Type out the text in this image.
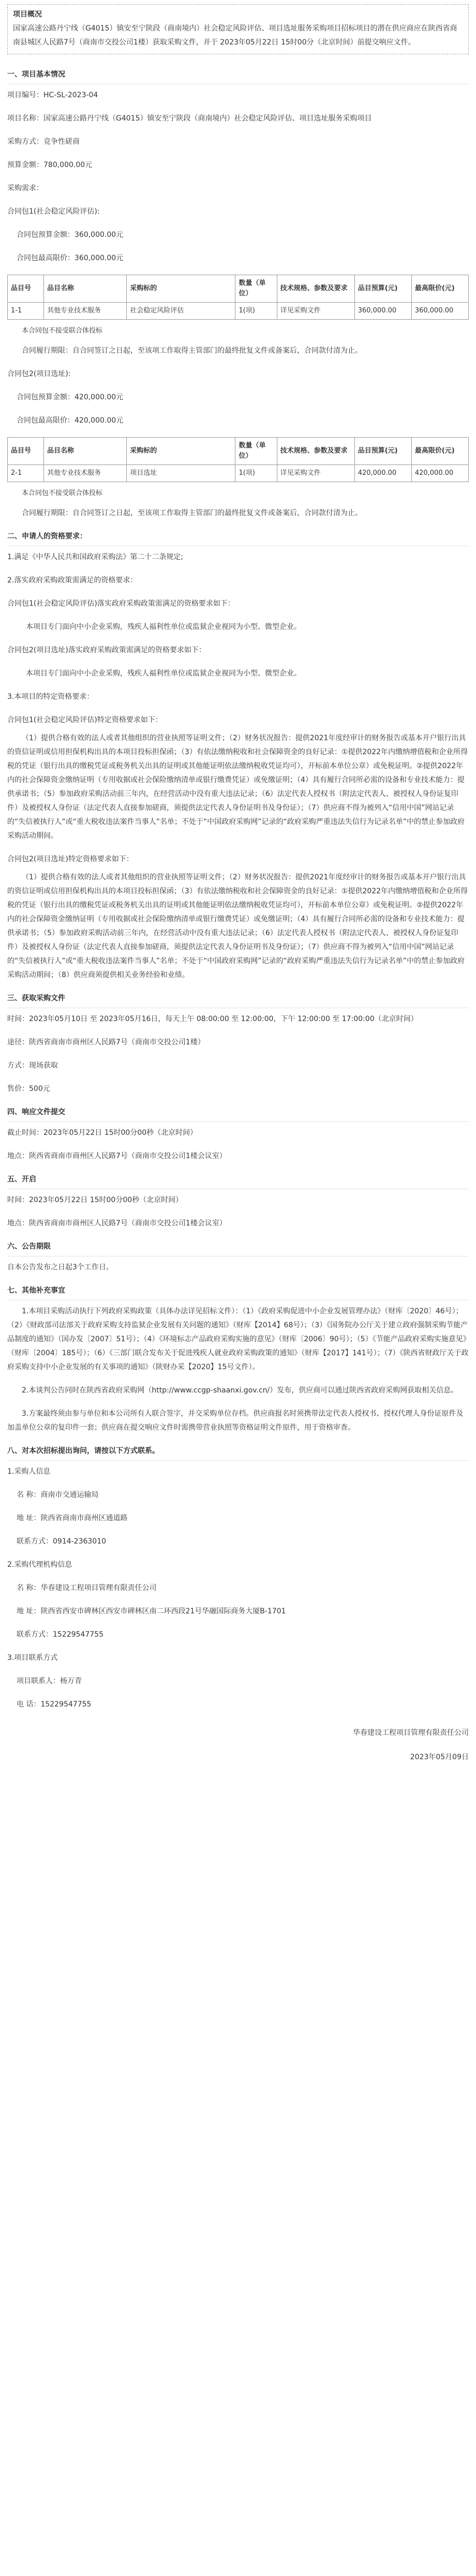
项目概况
国家高速公路丹宁线（G4015）镇安至宁陕段（商南境内）社会稳定风险评估、项目选址服务采购项目招标项目的潜在供应商应在陕西省商南县城区人民路7号（商南市交投公司1楼）获取采购文件，并于 2023年05月22日 15时00分（北京时间）前提交响应文件。
一、项目基本情况
项目编号：HC-SL-2023-04
项目名称：国家高速公路丹宁线（G4015）镇安至宁陕段（商南境内）社会稳定风险评估、项目选址服务采购项目
采购方式：竞争性磋商
预算金额：780,000.00元
采购需求：
合同包1(社会稳定风险评估):
合同包预算金额：360,000.00元
合同包最高限价：360,000.00元
品目号	品目名称	采购标的	数量（单位）	技术规格、参数及要求	品目预算(元)	最高限价(元)
1-1	其他专业技术服务	社会稳定风险评估	1(项)	详见采购文件	360,000.00	360,000.00
本合同包不接受联合体投标
合同履行期限：自合同签订之日起，至该项工作取得主管部门的最终批复文件或备案后，合同款付清为止。
合同包2(项目选址):
合同包预算金额：420,000.00元
合同包最高限价：420,000.00元
品目号	品目名称	采购标的	数量（单位）	技术规格、参数及要求	品目预算(元)	最高限价(元)
2-1	其他专业技术服务	项目选址	1(项)	详见采购文件	420,000.00	420,000.00
本合同包不接受联合体投标
合同履行期限：自合同签订之日起，至该项工作取得主管部门的最终批复文件或备案后，合同款付清为止。
二、申请人的资格要求：
1.满足《中华人民共和国政府采购法》第二十二条规定;
2.落实政府采购政策需满足的资格要求：
合同包1(社会稳定风险评估)落实政府采购政策需满足的资格要求如下：
本项目专门面向中小企业采购，残疾人福利性单位或监狱企业视同为小型、微型企业。
合同包2(项目选址)落实政府采购政策需满足的资格要求如下：
本项目专门面向中小企业采购，残疾人福利性单位或监狱企业视同为小型、微型企业。
3.本项目的特定资格要求：
合同包1(社会稳定风险评估)特定资格要求如下：
（1）提供合格有效的法人或者其他组织的营业执照等证明文件；（2）财务状况报告：提供2021年度经审计的财务报告或基本开户银行出具的资信证明或信用担保机构出具的本项目投标担保函；（3）有依法缴纳税收和社会保障资金的良好记录：①提供2022年内缴纳增值税和企业所得税的凭证（银行出具的缴税凭证或税务机关出具的证明或其他能证明依法缴纳税收凭证均可），开标前本单位公章）或免税证明。②提供2022年内的社会保障资金缴纳证明（专用收据或社会保险缴纳清单或银行缴费凭证）或免缴证明；（4）具有履行合同所必需的设备和专业技术能力：提供承诺书；（5）参加政府采购活动前三年内，在经营活动中没有重大违法记录；（6）法定代表人授权书（附法定代表人、被授权人身份证复印件）及被授权人身份证（法定代表人直接参加磋商，须提供法定代表人身份证明书及身份证）；（7）供应商不得为被列入“信用中国”网站记录的“失信被执行人”或“重大税收违法案件当事人”名单；不处于“中国政府采购网”记录的“政府采购严重违法失信行为记录名单”中的禁止参加政府采购活动期间。
合同包2(项目选址)特定资格要求如下：
（1）提供合格有效的法人或者其他组织的营业执照等证明文件；（2）财务状况报告：提供2021年度经审计的财务报告或基本开户银行出具的资信证明或信用担保机构出具的本项目投标担保函；（3）有依法缴纳税收和社会保障资金的良好记录：①提供2022年内缴纳增值税和企业所得税的凭证（银行出具的缴税凭证或税务机关出具的证明或其他能证明依法缴纳税收凭证均可），开标前本单位公章）或免税证明。②提供2022年内的社会保障资金缴纳证明（专用收据或社会保险缴纳清单或银行缴费凭证）或免缴证明；（4）具有履行合同所必需的设备和专业技术能力：提供承诺书；（5）参加政府采购活动前三年内，在经营活动中没有重大违法记录；（6）法定代表人授权书（附法定代表人、被授权人身份证复印件）及被授权人身份证（法定代表人直接参加磋商，须提供法定代表人身份证明书及身份证）；（7）供应商不得为被列入“信用中国”网站记录的“失信被执行人”或“重大税收违法案件当事人”名单；不处于“中国政府采购网”记录的“政府采购严重违法失信行为记录名单”中的禁止参加政府采购活动期间；（8）供应商须提供相关业务经验和业绩。
三、获取采购文件
时间：2023年05月10日 至 2023年05月16日，每天上午 08:00:00 至 12:00:00，下午 12:00:00 至 17:00:00（北京时间）
途径：陕西省商南市商州区人民路7号（商南市交投公司1楼）
方式：现场获取
售价：500元
四、响应文件提交
截止时间：2023年05月22日 15时00分00秒（北京时间）
地点：陕西省商南市商州区人民路7号（商南市交投公司1楼会议室）
五、开启
时间：2023年05月22日 15时00分00秒（北京时间）
地点：陕西省商南市商州区人民路7号（商南市交投公司1楼会议室）
六、公告期限
自本公告发布之日起3个工作日。
七、其他补充事宜
1.本项目采购活动执行下列政府采购政策（具体办法详见招标文件）：（1）《政府采购促进中小企业发展管理办法》（财库〔2020〕46号）；（2）《财政部司法部关于政府采购支持监狱企业发展有关问题的通知》（财库【2014】68号）；（3）《国务院办公厅关于建立政府强制采购节能产品制度的通知》（国办发〔2007〕51号）；（4）《环境标志产品政府采购实施的意见》（财库〔2006〕90号）；（5）《节能产品政府采购实施意见》（财库〔2004〕185号）；（6）《三部门联合发布关于促进残疾人就业政府采购政策的通知》（财库【2017】141号）；（7）《陕西省财政厅关于政府采购支持中小企业发展的有关事项的通知》（陕财办采【2020】15号文件）。
2.本谈判公告同时在陕西省政府采购网（http://www.ccgp-shaanxi.gov.cn/）发布，供应商可以通过陕西省政府采购网获取相关信息。
3.方案最终须由参与单位和本公司所有人联合签字，并交采购单位存档。供应商报名时须携带法定代表人授权书、授权代理人身份证原件及加盖单位公章的复印件一套；供应商在提交响应文件时需携带营业执照等资格证明文件原件，用于资格审查。
八、对本次招标提出询问，请按以下方式联系。
1.采购人信息
名 称：商南市交通运输局
地 址：陕西省商南市商州区通道路
联系方式：0914-2363010
2.采购代理机构信息
名 称：华春建设工程项目管理有限责任公司
地 址：陕西省西安市碑林区西安市碑林区南二环西段21号华融国际商务大厦B-1701
联系方式：15229547755
3.项目联系方式
项目联系人：杨万青
电 话：15229547755
华春建设工程项目管理有限责任公司
2023年05月09日
